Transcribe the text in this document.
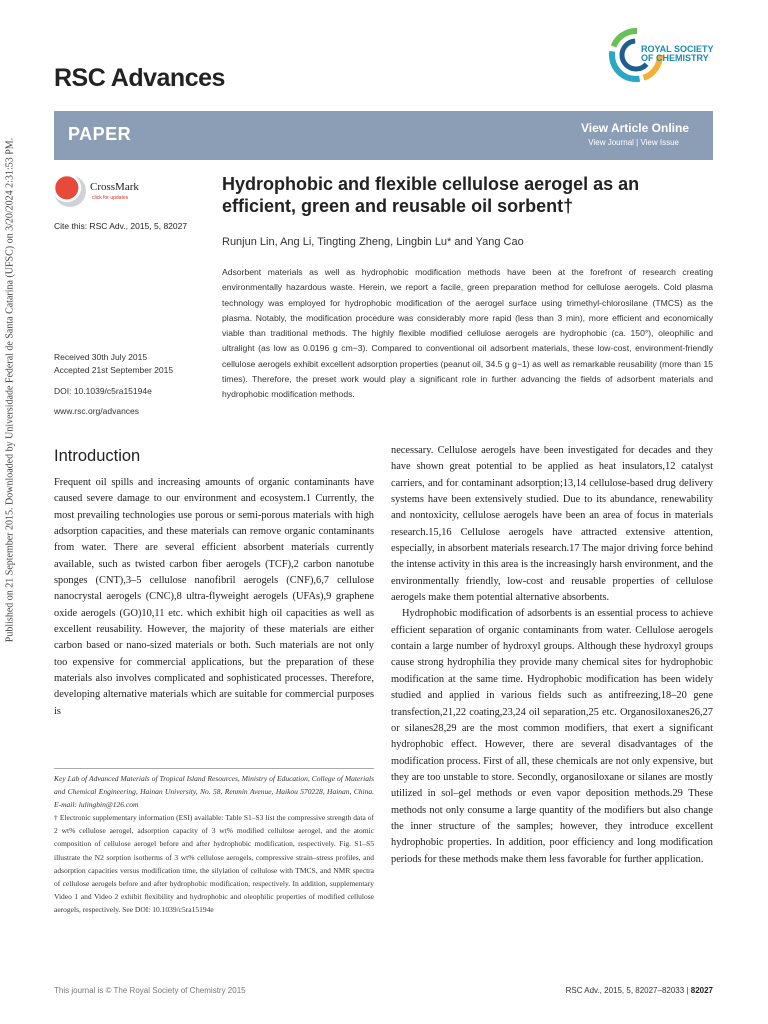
Published on 21 September 2015. Downloaded by Universidade Federal de Santa Catarina (UFSC) on 3/20/2024 2:31:53 PM.
RSC Advances
ROYAL SOCIETY
OF CHEMISTRY
PAPER	View Article Online
View Journal | View Issue
CrossMark
click for updates
Cite this: RSC Adv., 2015, 5, 82027
Hydrophobic and flexible cellulose aerogel as an efficient, green and reusable oil sorbent†
Runjun Lin, Ang Li, Tingting Zheng, Lingbin Lu* and Yang Cao
Adsorbent materials as well as hydrophobic modification methods have been at the forefront of research creating environmentally hazardous waste. Herein, we report a facile, green preparation method for cellulose aerogels. Cold plasma technology was employed for hydrophobic modification of the aerogel surface using trimethyl-chlorosilane (TMCS) as the plasma. Notably, the modification procedure was considerably more rapid (less than 3 min), more efficient and economically viable than traditional methods. The highly flexible modified cellulose aerogels are hydrophobic (ca. 150°), oleophilic and ultralight (as low as 0.0196 g cm−3). Compared to conventional oil adsorbent materials, these low-cost, environment-friendly cellulose aerogels exhibit excellent adsorption properties (peanut oil, 34.5 g g−1) as well as remarkable reusability (more than 15 times). Therefore, the preset work would play a significant role in further advancing the fields of adsorbent materials and hydrophobic modification methods.
Received 30th July 2015
Accepted 21st September 2015
DOI: 10.1039/c5ra15194e
www.rsc.org/advances
Introduction

Frequent oil spills and increasing amounts of organic contaminants have caused severe damage to our environment and ecosystem.1 Currently, the most prevailing technologies use porous or semi-porous materials with high adsorption capacities, and these materials can remove organic contaminants from water. There are several efficient absorbent materials currently available, such as twisted carbon fiber aerogels (TCF),2 carbon nanotube sponges (CNT),3–5 cellulose nanofibril aerogels (CNF),6,7 cellulose nanocrystal aerogels (CNC),8 ultra-flyweight aerogels (UFAs),9 graphene oxide aerogels (GO)10,11 etc. which exhibit high oil capacities as well as excellent reusability. However, the majority of these materials are either carbon based or nano-sized materials or both. Such materials are not only too expensive for commercial applications, but the preparation of these materials also involves complicated and sophisticated processes. Therefore, developing alternative materials which are suitable for commercial purposes is

Key Lab of Advanced Materials of Tropical Island Resources, Ministry of Education, College of Materials and Chemical Engineering, Hainan University, No. 58, Renmin Avenue, Haikou 570228, Hainan, China. E-mail: lulingbin@126.com

† Electronic supplementary information (ESI) available: Table S1–S3 list the compressive strength data of 2 wt% cellulose aerogel, adsorption capacity of 3 wt% modified cellulose aerogel, and the atomic composition of cellulose aerogel before and after hydrophobic modification, respectively. Fig. S1–S5 illustrate the N2 sorption isotherms of 3 wt% cellulose aerogels, compressive strain–stress profiles, and adsorption capacities versus modification time, the silylation of cellulose with TMCS, and NMR spectra of cellulose aerogels before and after hydrophobic modification, respectively. In addition, supplementary Video 1 and Video 2 exhibit flexibility and hydrophobic and oleophilic properties of modified cellulose aerogels, respectively. See DOI: 10.1039/c5ra15194e

necessary. Cellulose aerogels have been investigated for decades and they have shown great potential to be applied as heat insulators,12 catalyst carriers, and for contaminant adsorption;13,14 cellulose-based drug delivery systems have been extensively studied. Due to its abundance, renewability and nontoxicity, cellulose aerogels have been an area of focus in materials research.15,16 Cellulose aerogels have attracted extensive attention, especially, in absorbent materials research.17 The major driving force behind the intense activity in this area is the increasingly harsh environment, and the environmentally friendly, low-cost and reusable properties of cellulose aerogels make them potential alternative absorbents.

Hydrophobic modification of adsorbents is an essential process to achieve efficient separation of organic contaminants from water. Cellulose aerogels contain a large number of hydroxyl groups. Although these hydroxyl groups cause strong hydrophilia they provide many chemical sites for hydrophobic modification at the same time. Hydrophobic modification has been widely studied and applied in various fields such as antifreezing,18–20 gene transfection,21,22 coating,23,24 oil separation,25 etc. Organosiloxanes26,27 or silanes28,29 are the most common modifiers, that exert a significant hydrophobic effect. However, there are several disadvantages of the modification process. First of all, these chemicals are not only expensive, but they are too unstable to store. Secondly, organosiloxane or silanes are mostly utilized in sol–gel methods or even vapor deposition methods.29 These methods not only consume a large quantity of the modifiers but also change the inner structure of the samples; however, they introduce excellent hydrophobic properties. In addition, poor efficiency and long modification periods for these methods make them less favorable for further application.

This journal is © The Royal Society of Chemistry 2015	RSC Adv., 2015, 5, 82027–82033 | 82027
